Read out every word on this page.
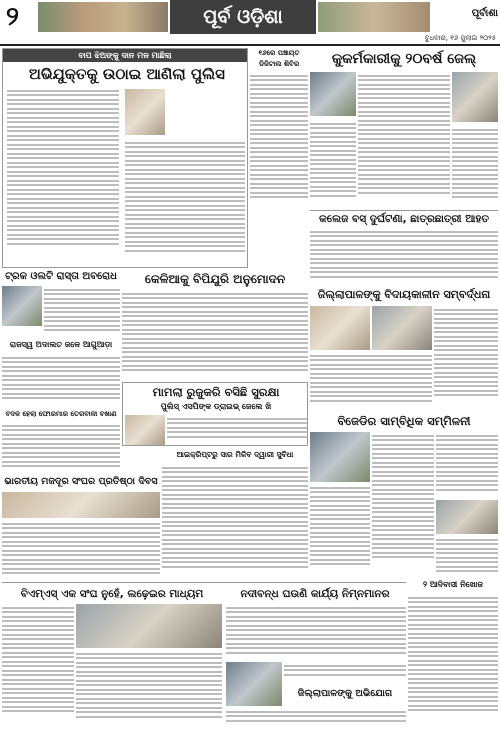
୨	ପୂର୍ବ ଓଡ଼ିଶା	ପୂର୍ବାଶା
ବୁଧବାର, ୧୬ ଜୁଲାଇ ୨୦୨୫
ବାପ ଝିଅଙ୍କୁ ଦାନ ମଳ ମାଛିଲା
ଅଭିଯୁକ୍ତକୁ ଉଠାଇ ଆଣିଲା ପୁଲିସ
୧୬ରେ ପଞ୍ଚାୟତ ଡିଜିଟାଲ ଶିବିର	କୁକର୍ମକାରୀକୁ ୨୦ବର୍ଷ ଜେଲ୍
କଲେଜ ବସ୍ ଦୁର୍ଘଟଣା, ଛାତ୍ରଛାତ୍ରୀ ଆହତ
ଟ୍ରକ ଓଲଟି ରାସ୍ତା ଅବରୋଧ	କେଳିଆକୁ ବିପିଯୁରି ଅନୁମୋଦନ
ଜିଲ୍ଲାପାଳଙ୍କୁ ବିଦାୟକାଳୀନ ସମ୍ବର୍ଦ୍ଧନା
ରାଜସ୍ୱ ଅଦାଲତ ଜଳେ ଆଗୁଆଡ଼ା
ମାମଲା ରୁଜୁକରି ବସିଛି ସୁରକ୍ଷା
ପୁଲିସ୍ ଏସପିଙ୍କ ଡ୍ରାଇଭ୍ ଜେଲେ ଖି
ବଦଳ ହେଲା ଫୋରମାର ତେରବାଳୀ ବଖାଣ	ବିଜେଡିର ସାମ୍ବିଧିକ ସମ୍ମିଳନୀ
ଭାରତୀୟ ମଜଦୂର ସଂଘର ପ୍ରତିଷ୍ଠା ଦିବସ
ଆଇକ୍ରିପ୍ଟରୁ ସାର ମିଳିବ ଦ୍ୱାରୀ ସୁବିଧା
ବିଏମ୍ଏସ୍ ଏକ ସଂଘ ନୁହେଁ, ଲଢ଼େଇର ମାଧ୍ୟମ	ନଦୀବନ୍ଧ ଘଉଣି କାର୍ଯ୍ୟ ନିମ୍ନମାନର
ଜିଲ୍ଲାପାଳଙ୍କୁ ଅଭିଯୋଗ
୨ ଆଦିବାସୀ ନିଖୋଜ
